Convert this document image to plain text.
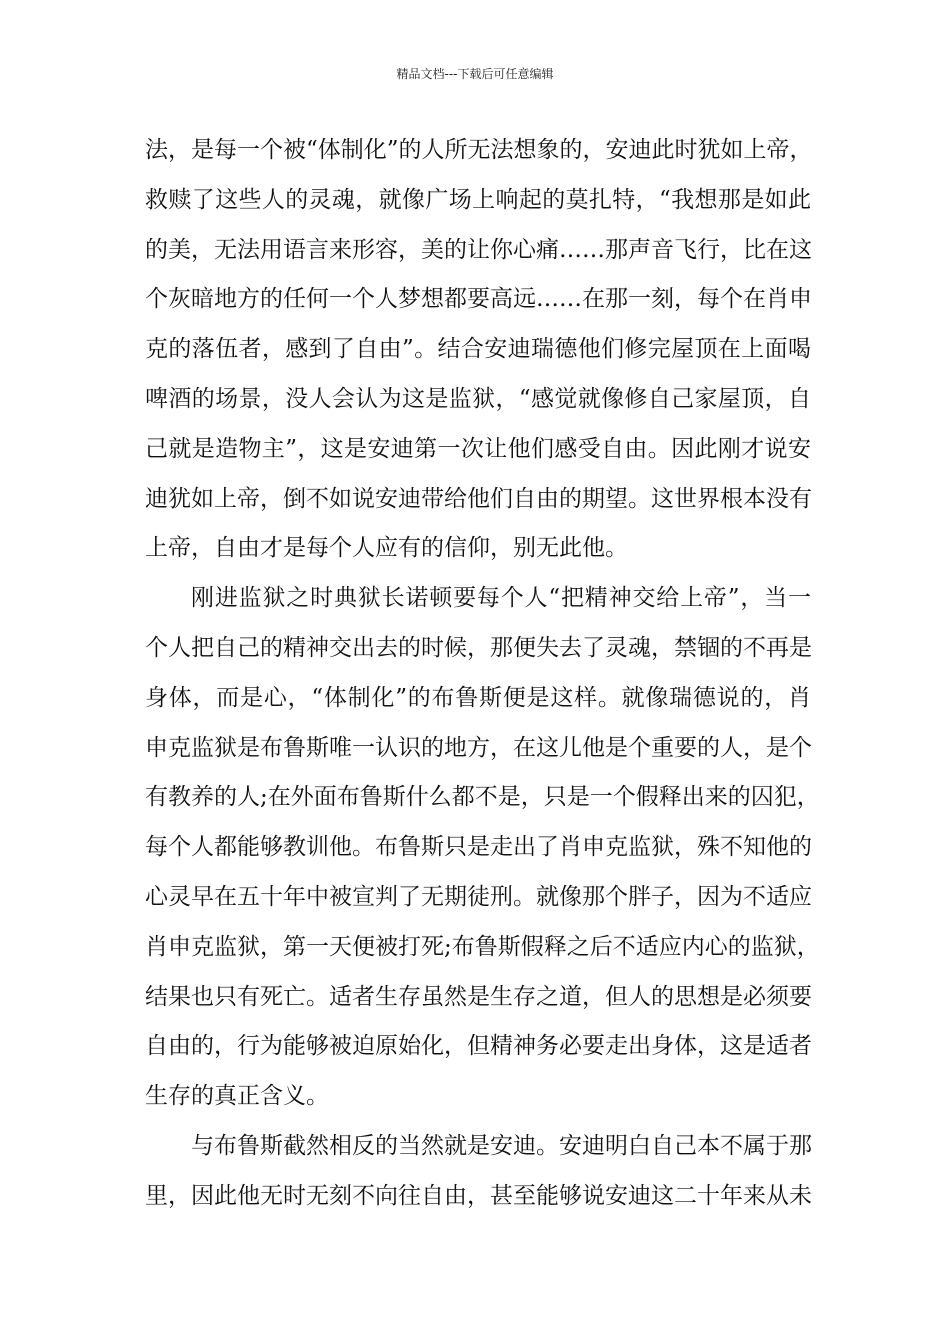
精品文档---下载后可任意编辑
法，是每一个被“体制化”的人所无法想象的，安迪此时犹如上帝，
救赎了这些人的灵魂，就像广场上响起的莫扎特，“我想那是如此
的美，无法用语言来形容，美的让你心痛……那声音飞行，比在这
个灰暗地方的任何一个人梦想都要高远……在那一刻，每个在肖申
克的落伍者，感到了自由”。结合安迪瑞德他们修完屋顶在上面喝
啤酒的场景，没人会认为这是监狱，“感觉就像修自己家屋顶，自
己就是造物主”，这是安迪第一次让他们感受自由。因此刚才说安
迪犹如上帝，倒不如说安迪带给他们自由的期望。这世界根本没有
上帝，自由才是每个人应有的信仰，别无此他。
刚进监狱之时典狱长诺顿要每个人“把精神交给上帝”，当一
个人把自己的精神交出去的时候，那便失去了灵魂，禁锢的不再是
身体，而是心，“体制化”的布鲁斯便是这样。就像瑞德说的，肖
申克监狱是布鲁斯唯一认识的地方，在这儿他是个重要的人，是个
有教养的人;在外面布鲁斯什么都不是，只是一个假释出来的囚犯，
每个人都能够教训他。布鲁斯只是走出了肖申克监狱，殊不知他的
心灵早在五十年中被宣判了无期徒刑。就像那个胖子，因为不适应
肖申克监狱，第一天便被打死;布鲁斯假释之后不适应内心的监狱，
结果也只有死亡。适者生存虽然是生存之道，但人的思想是必须要
自由的，行为能够被迫原始化，但精神务必要走出身体，这是适者
生存的真正含义。
与布鲁斯截然相反的当然就是安迪。安迪明白自己本不属于那
里，因此他无时无刻不向往自由，甚至能够说安迪这二十年来从未
